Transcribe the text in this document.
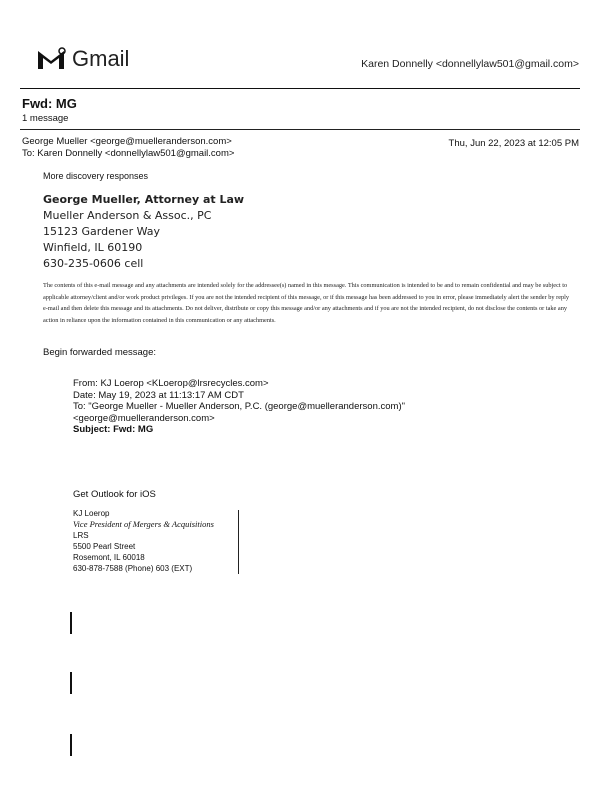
Gmail	Karen Donnelly <donnellylaw501@gmail.com>
Fwd: MG
1 message
George Mueller <george@muelleranderson.com>
To: Karen Donnelly <donnellylaw501@gmail.com>
Thu, Jun 22, 2023 at 12:05 PM
More discovery responses
George Mueller, Attorney at Law
Mueller Anderson & Assoc., PC
15123 Gardener Way
Winfield, IL 60190
630-235-0606 cell
The contents of this e-mail message and any attachments are intended solely for the addressee(s) named in this message. This communication is intended to be and to remain confidential and may be subject to applicable attorney/client and/or work product privileges. If you are not the intended recipient of this message, or if this message has been addressed to you in error, please immediately alert the sender by reply e-mail and then delete this message and its attachments. Do not deliver, distribute or copy this message and/or any attachments and if you are not the intended recipient, do not disclose the contents or take any action in reliance upon the information contained in this communication or any attachments.
Begin forwarded message:
From: KJ Loerop <KLoerop@lrsrecycles.com>
Date: May 19, 2023 at 11:13:17 AM CDT
To: "George Mueller - Mueller Anderson, P.C. (george@muelleranderson.com)"
<george@muelleranderson.com>
Subject: Fwd: MG
Get Outlook for iOS
KJ Loerop
Vice President of Mergers & Acquisitions
LRS
5500 Pearl Street
Rosemont, IL 60018
630-878-7588 (Phone) 603 (EXT)
